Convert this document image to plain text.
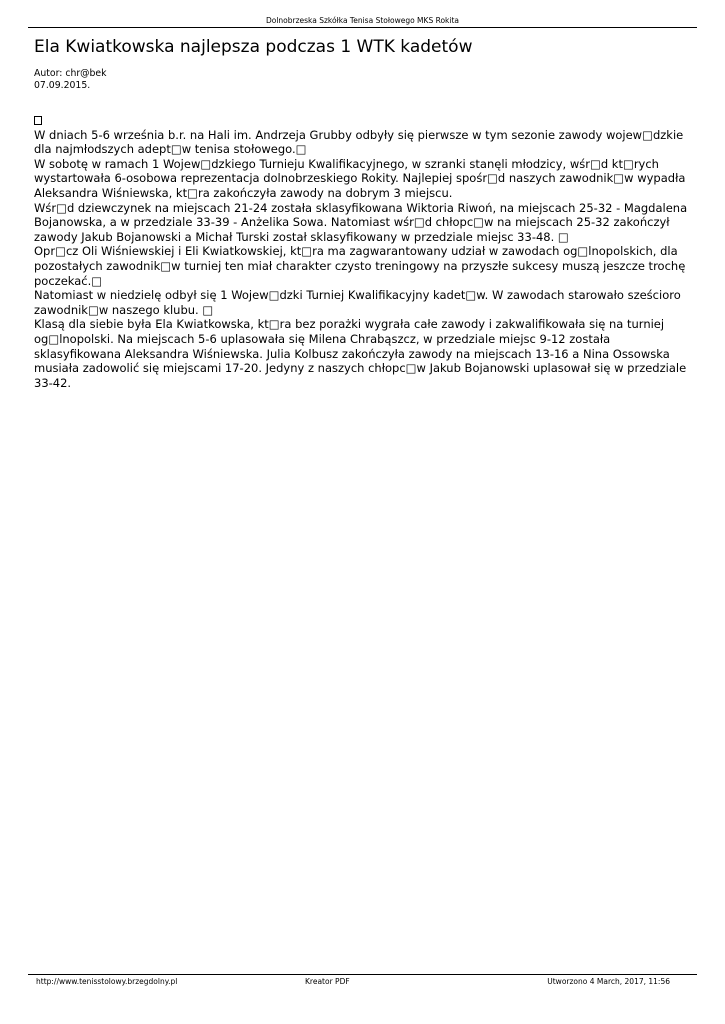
Dolnobrzeska Szkółka Tenisa Stołowego MKS Rokita
Ela Kwiatkowska najlepsza podczas 1 WTK kadetów
Autor: chr@bek
07.09.2015.

W dniach 5-6 września b.r. na Hali im. Andrzeja Grubby odbyły się pierwsze w tym sezonie zawody wojew□dzkie dla najmłodszych adept□w tenisa stołowego.□

W sobotę w ramach 1 Wojew□dzkiego Turnieju Kwalifikacyjnego, w szranki stanęli młodzicy, wśr□d kt□rych wystartowała 6-osobowa reprezentacja dolnobrzeskiego Rokity. Najlepiej spośr□d naszych zawodnik□w wypadła Aleksandra Wiśniewska, kt□ra zakończyła zawody na dobrym 3 miejscu.

Wśr□d dziewczynek na miejscach 21-24 została sklasyfikowana Wiktoria Riwoń, na miejscach 25-32 - Magdalena Bojanowska, a w przedziale 33-39 - Anżelika Sowa. Natomiast wśr□d chłopc□w na miejscach 25-32 zakończył zawody Jakub Bojanowski a Michał Turski został sklasyfikowany w przedziale miejsc 33-48. □

Opr□cz Oli Wiśniewskiej i Eli Kwiatkowskiej, kt□ra ma zagwarantowany udział w zawodach og□lnopolskich, dla pozostałych zawodnik□w turniej ten miał charakter czysto treningowy na przyszłe sukcesy muszą jeszcze trochę poczekać.□

Natomiast w niedzielę odbył się 1 Wojew□dzki Turniej Kwalifikacyjny kadet□w. W zawodach starowało sześcioro zawodnik□w naszego klubu. □

Klasą dla siebie była Ela Kwiatkowska, kt□ra bez porażki wygrała całe zawody i zakwalifikowała się na turniej og□lnopolski. Na miejscach 5-6 uplasowała się Milena Chrabąszcz, w przedziale miejsc 9-12 została sklasyfikowana Aleksandra Wiśniewska. Julia Kolbusz zakończyła zawody na miejscach 13-16 a Nina Ossowska musiała zadowolić się miejscami 17-20. Jedyny z naszych chłopc□w Jakub Bojanowski uplasował się w przedziale 33-42.

http://www.tenisstolowy.brzegdolny.pl	Kreator PDF	Utworzono 4 March, 2017, 11:56
